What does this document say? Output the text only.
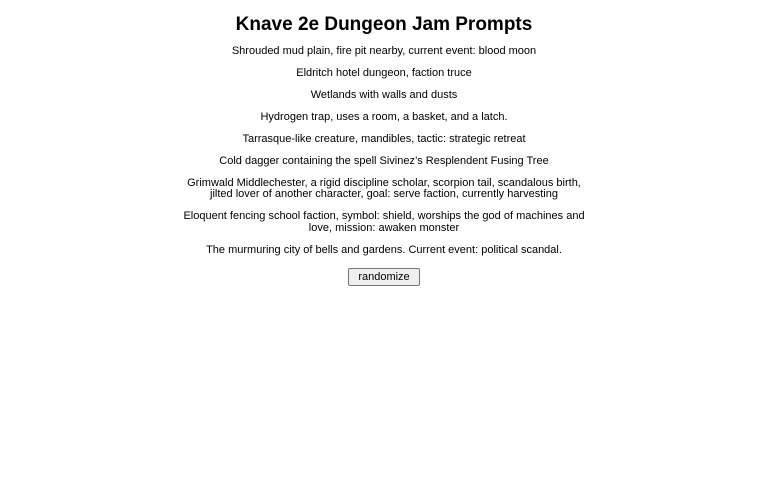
Knave 2e Dungeon Jam Prompts

Shrouded mud plain, fire pit nearby, current event: blood moon

Eldritch hotel dungeon, faction truce

Wetlands with walls and dusts

Hydrogen trap, uses a room, a basket, and a latch.

Tarrasque-like creature, mandibles, tactic: strategic retreat

Cold dagger containing the spell Sivinez’s Resplendent Fusing Tree

Grimwald Middlechester, a rigid discipline scholar, scorpion tail, scandalous birth, jilted lover of another character, goal: serve faction, currently harvesting

Eloquent fencing school faction, symbol: shield, worships the god of machines and love, mission: awaken monster

The murmuring city of bells and gardens. Current event: political scandal.

randomize
